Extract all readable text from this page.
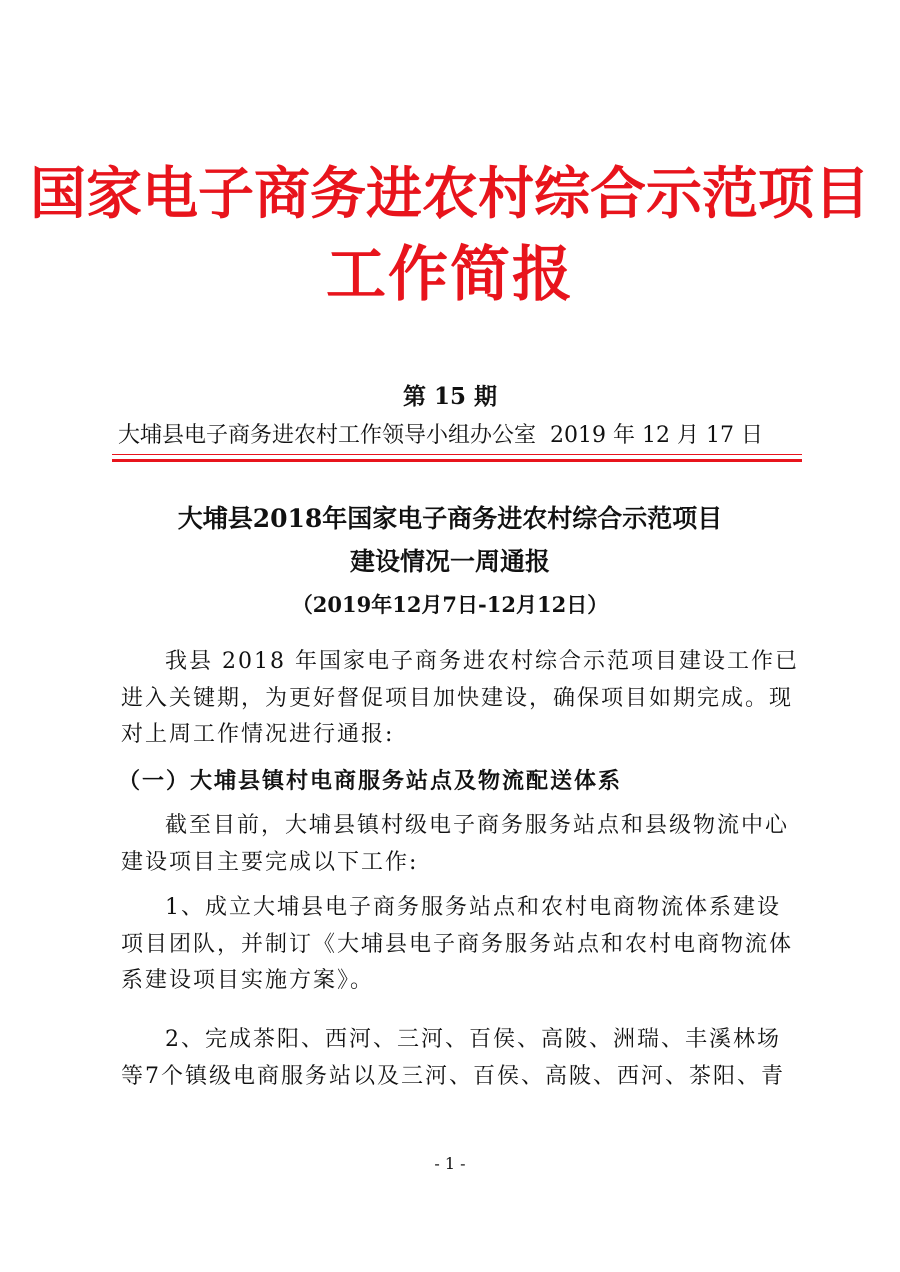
国家电子商务进农村综合示范项目
工作简报
第 15 期
大埔县电子商务进农村工作领导小组办公室 2019 年 12 月 17 日
大埔县2018年国家电子商务进农村综合示范项目
建设情况一周通报
（2019年12月7日-12月12日）
我县 2018 年国家电子商务进农村综合示范项目建设工作已
进入关键期，为更好督促项目加快建设，确保项目如期完成。现
对上周工作情况进行通报:
（一）大埔县镇村电商服务站点及物流配送体系
截至目前，大埔县镇村级电子商务服务站点和县级物流中心
建设项目主要完成以下工作:
1、成立大埔县电子商务服务站点和农村电商物流体系建设
项目团队，并制订《大埔县电子商务服务站点和农村电商物流体
系建设项目实施方案》。
2、完成茶阳、西河、三河、百侯、高陂、洲瑞、丰溪林场
等7个镇级电商服务站以及三河、百侯、高陂、西河、茶阳、青
- 1 -
